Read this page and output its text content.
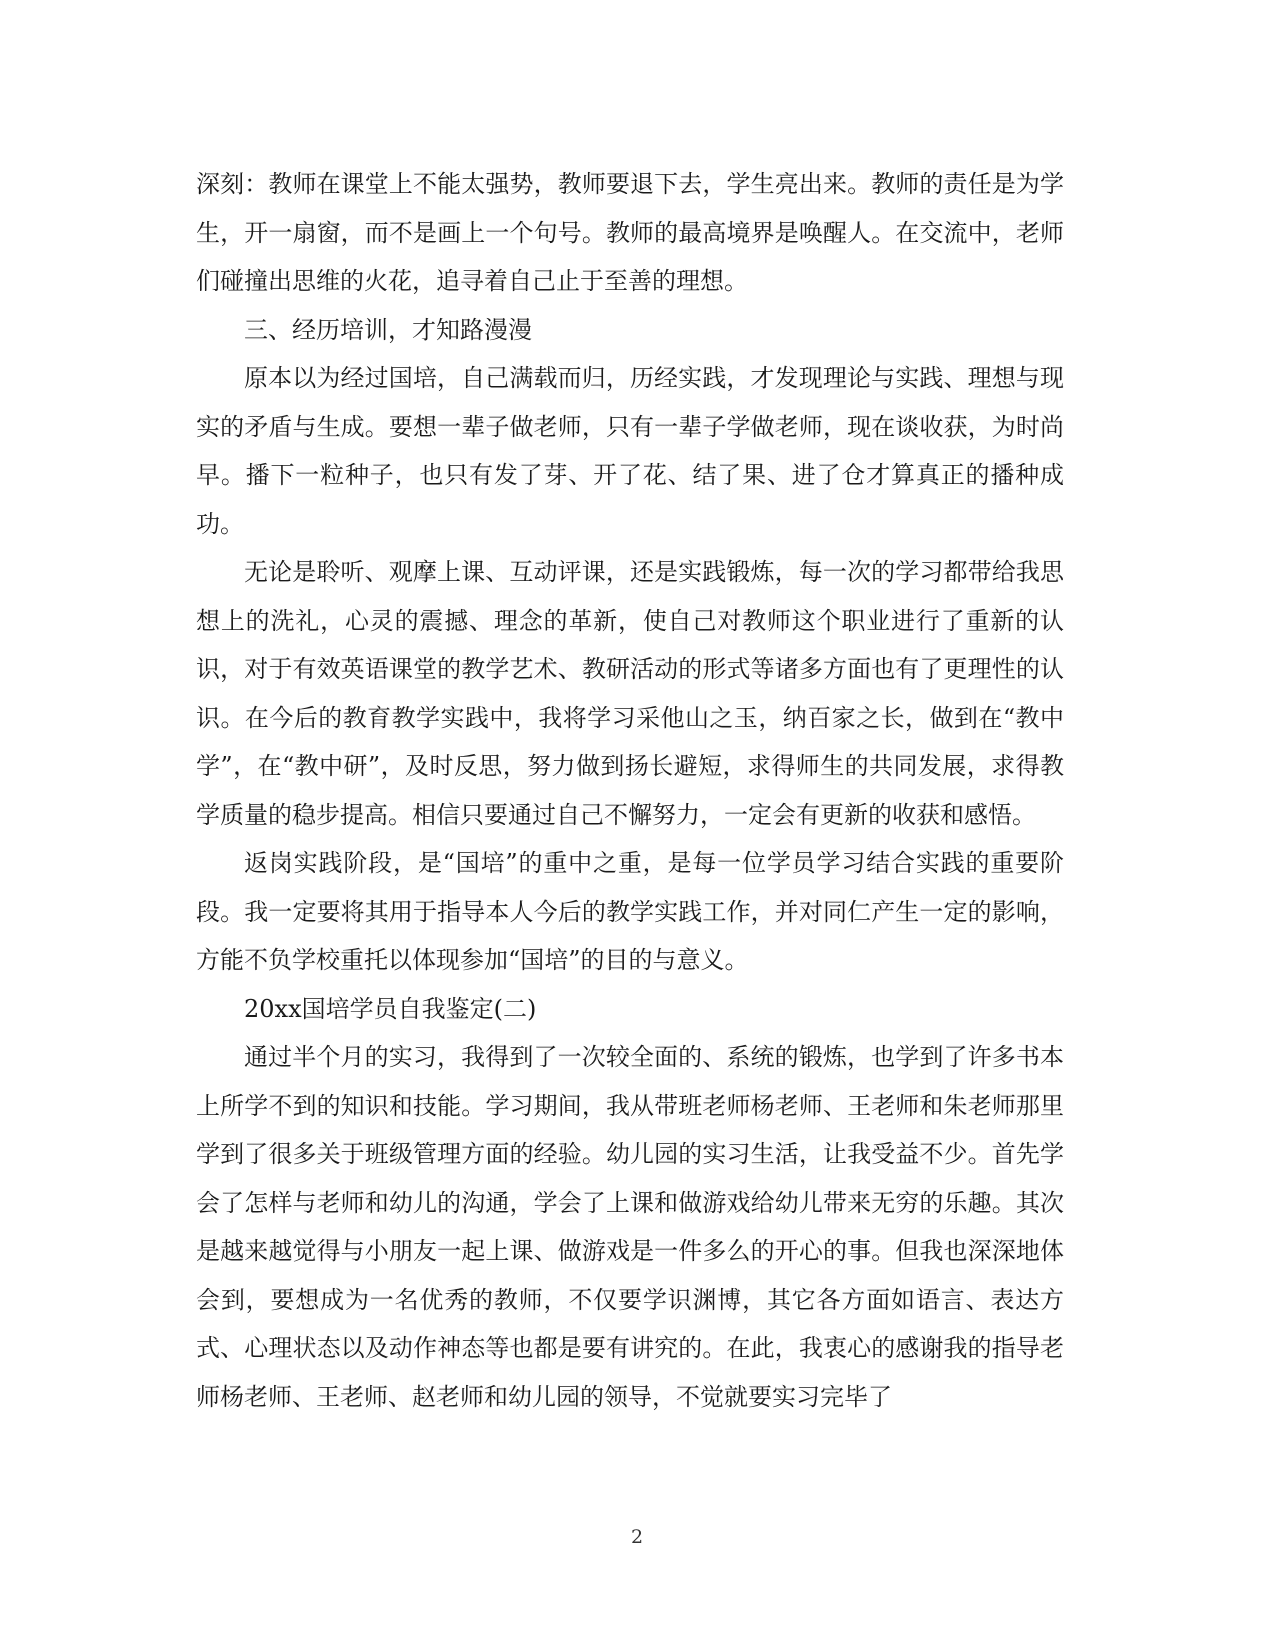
深刻：教师在课堂上不能太强势，教师要退下去，学生亮出来。教师的责任是为学生，开一扇窗，而不是画上一个句号。教师的最高境界是唤醒人。在交流中，老师们碰撞出思维的火花，追寻着自己止于至善的理想。

三、经历培训，才知路漫漫

原本以为经过国培，自己满载而归，历经实践，才发现理论与实践、理想与现实的矛盾与生成。要想一辈子做老师，只有一辈子学做老师，现在谈收获，为时尚早。播下一粒种子，也只有发了芽、开了花、结了果、进了仓才算真正的播种成功。

无论是聆听、观摩上课、互动评课，还是实践锻炼，每一次的学习都带给我思想上的洗礼，心灵的震撼、理念的革新，使自己对教师这个职业进行了重新的认识，对于有效英语课堂的教学艺术、教研活动的形式等诸多方面也有了更理性的认识。在今后的教育教学实践中，我将学习采他山之玉，纳百家之长，做到在“教中学”，在“教中研”，及时反思，努力做到扬长避短，求得师生的共同发展，求得教学质量的稳步提高。相信只要通过自己不懈努力，一定会有更新的收获和感悟。

返岗实践阶段，是“国培”的重中之重，是每一位学员学习结合实践的重要阶段。我一定要将其用于指导本人今后的教学实践工作，并对同仁产生一定的影响，方能不负学校重托以体现参加“国培”的目的与意义。

20xx国培学员自我鉴定(二)

通过半个月的实习，我得到了一次较全面的、系统的锻炼，也学到了许多书本上所学不到的知识和技能。学习期间，我从带班老师杨老师、王老师和朱老师那里学到了很多关于班级管理方面的经验。幼儿园的实习生活，让我受益不少。首先学会了怎样与老师和幼儿的沟通，学会了上课和做游戏给幼儿带来无穷的乐趣。其次是越来越觉得与小朋友一起上课、做游戏是一件多么的开心的事。但我也深深地体会到，要想成为一名优秀的教师，不仅要学识渊博，其它各方面如语言、表达方式、心理状态以及动作神态等也都是要有讲究的。在此，我衷心的感谢我的指导老师杨老师、王老师、赵老师和幼儿园的领导，不觉就要实习完毕了

2
